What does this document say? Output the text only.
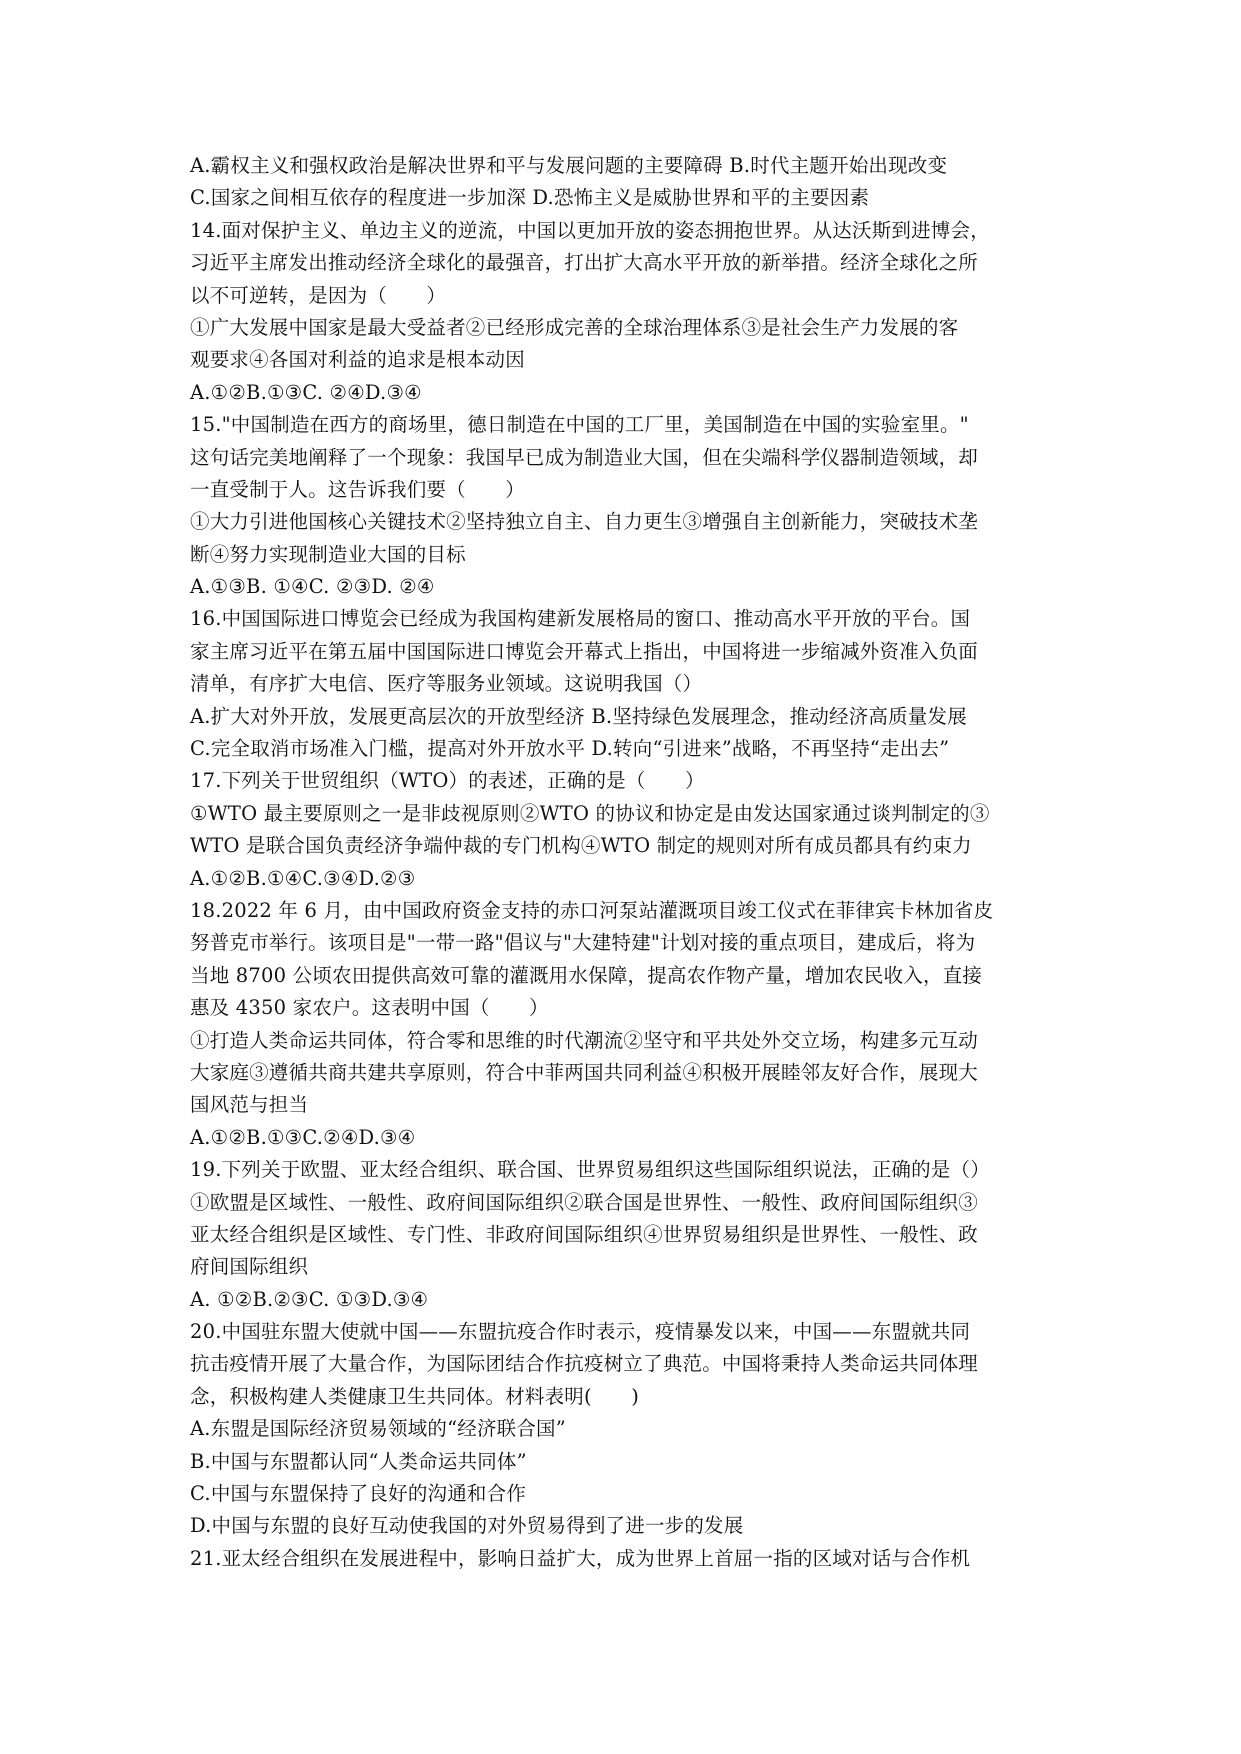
A.霸权主义和强权政治是解决世界和平与发展问题的主要障碍 B.时代主题开始出现改变
C.国家之间相互依存的程度进一步加深 D.恐怖主义是威胁世界和平的主要因素
14.面对保护主义、单边主义的逆流，中国以更加开放的姿态拥抱世界。从达沃斯到进博会，
习近平主席发出推动经济全球化的最强音，打出扩大高水平开放的新举措。经济全球化之所
以不可逆转，是因为（　　）
①广大发展中国家是最大受益者②已经形成完善的全球治理体系③是社会生产力发展的客
观要求④各国对利益的追求是根本动因
A.①②B.①③C. ②④D.③④
15."中国制造在西方的商场里，德日制造在中国的工厂里，美国制造在中国的实验室里。"
这句话完美地阐释了一个现象：我国早已成为制造业大国，但在尖端科学仪器制造领域，却
一直受制于人。这告诉我们要（　　）
①大力引进他国核心关键技术②坚持独立自主、自力更生③增强自主创新能力，突破技术垄
断④努力实现制造业大国的目标
A.①③B. ①④C. ②③D. ②④
16.中国国际进口博览会已经成为我国构建新发展格局的窗口、推动高水平开放的平台。国
家主席习近平在第五届中国国际进口博览会开幕式上指出，中国将进一步缩减外资准入负面
清单，有序扩大电信、医疗等服务业领域。这说明我国（）
A.扩大对外开放，发展更高层次的开放型经济 B.坚持绿色发展理念，推动经济高质量发展
C.完全取消市场准入门槛，提高对外开放水平 D.转向“引进来”战略，不再坚持“走出去”
17.下列关于世贸组织（WTO）的表述，正确的是（　　）
①WTO 最主要原则之一是非歧视原则②WTO 的协议和协定是由发达国家通过谈判制定的③
WTO 是联合国负责经济争端仲裁的专门机构④WTO 制定的规则对所有成员都具有约束力
A.①②B.①④C.③④D.②③
18.2022 年 6 月，由中国政府资金支持的赤口河泵站灌溉项目竣工仪式在菲律宾卡林加省皮
努普克市举行。该项目是"一带一路"倡议与"大建特建"计划对接的重点项目，建成后，将为
当地 8700 公顷农田提供高效可靠的灌溉用水保障，提高农作物产量，增加农民收入，直接
惠及 4350 家农户。这表明中国（　　）
①打造人类命运共同体，符合零和思维的时代潮流②坚守和平共处外交立场，构建多元互动
大家庭③遵循共商共建共享原则，符合中菲两国共同利益④积极开展睦邻友好合作，展现大
国风范与担当
A.①②B.①③C.②④D.③④
19.下列关于欧盟、亚太经合组织、联合国、世界贸易组织这些国际组织说法，正确的是（）
①欧盟是区域性、一般性、政府间国际组织②联合国是世界性、一般性、政府间国际组织③
亚太经合组织是区域性、专门性、非政府间国际组织④世界贸易组织是世界性、一般性、政
府间国际组织
A. ①②B.②③C. ①③D.③④
20.中国驻东盟大使就中国——东盟抗疫合作时表示，疫情暴发以来，中国——东盟就共同
抗击疫情开展了大量合作，为国际团结合作抗疫树立了典范。中国将秉持人类命运共同体理
念，积极构建人类健康卫生共同体。材料表明(　　)
A.东盟是国际经济贸易领域的“经济联合国”
B.中国与东盟都认同“人类命运共同体”
C.中国与东盟保持了良好的沟通和合作
D.中国与东盟的良好互动使我国的对外贸易得到了进一步的发展
21.亚太经合组织在发展进程中，影响日益扩大，成为世界上首屈一指的区域对话与合作机
